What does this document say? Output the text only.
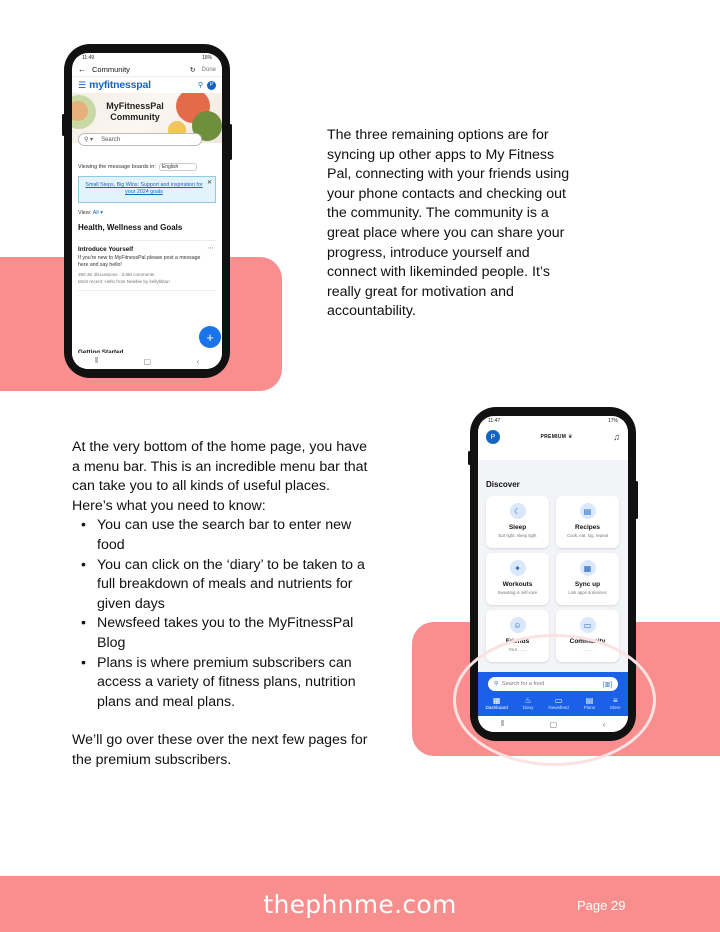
11:49	16%
← Community	↻ Done
☰ myfitnesspal	⚲	P
MyFitnessPal Community
⚲ ▾ Search
Viewing the message boards in:	English
Small Steps, Big Wins: Support and inspiration for your 2024 goals
✕
View: All ▾
Health, Wellness and Goals
Introduce Yourself	⋯
If you're new to MyFitnessPal please post a message here and say hello!
390.3K discussions · 3.6M comments
Most recent: Hello from Newbie by kellyblitan
+
⦀	▢	‹
The three remaining options are for syncing up other apps to My Fitness Pal, connecting with your friends using your phone contacts and checking out the community. The community is a great place where you can share your progress, introduce yourself and connect with likeminded people. It’s really great for motivation and accountability.

At the very bottom of the home page, you have a menu bar. This is an incredible menu bar that can take you to all kinds of useful places. Here’s what you need to know:

• You can use the search bar to enter new food
• You can click on the ‘diary’ to be taken to a full breakdown of meals and nutrients for given days
• Newsfeed takes you to the MyFitnessPal Blog
• Plans is where premium subscribers can access a variety of fitness plans, nutrition plans and meal plans.
We’ll go over these over the next few pages for the premium subscribers.
11:47	17%
P	PREMIUM ♛	♫
Discover
☾
Sleep
Eat right, sleep tight
▤
Recipes
Cook, eat, log, repeat
✦
Workouts
Sweating is self-care
▦
Sync up
Link apps & devices
☺
Friends
Your ... ...
▭
Community
... ...
⚲ Search for a food	[▥]
▦
Dashboard
♨
Diary
▭
Newsfeed
▤
Plans
≡
More
⦀	▢	‹
thephnme.com	Page 29
